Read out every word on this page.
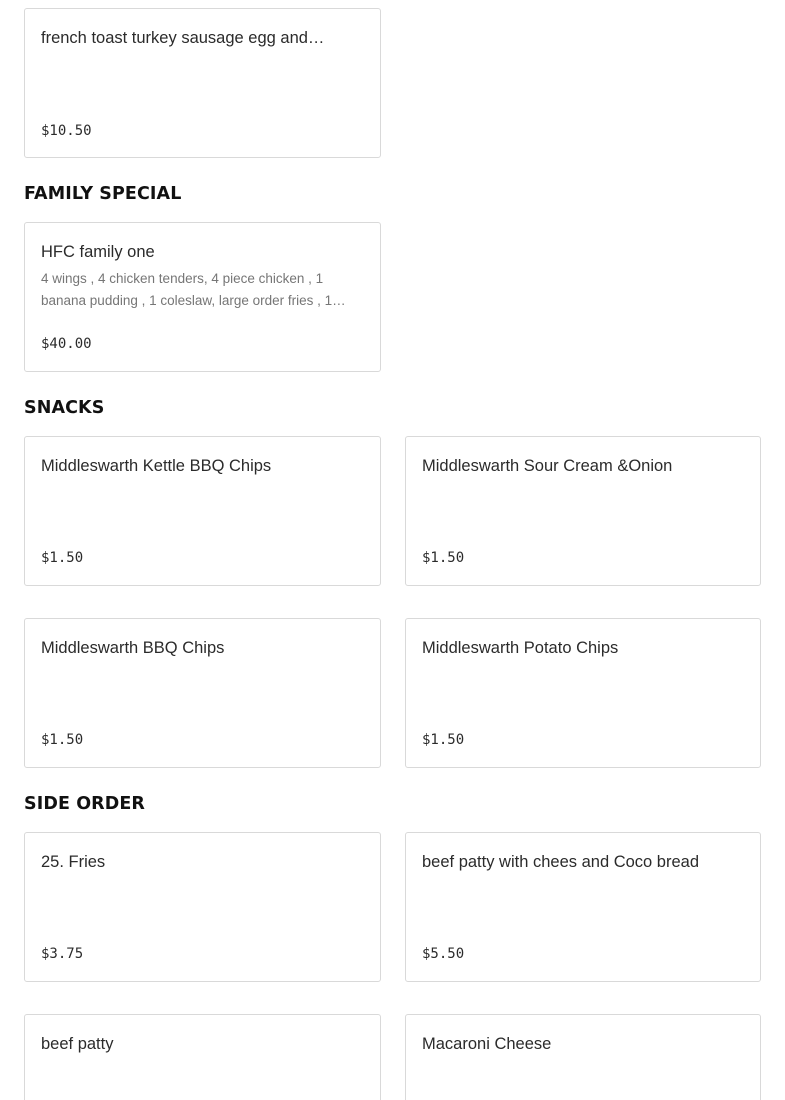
french toast turkey sausage egg and…
$10.50
FAMILY SPECIAL
HFC family one
4 wings , 4 chicken tenders, 4 piece chicken , 1 banana pudding , 1 coleslaw, large order fries , 1…
$40.00
SNACKS
Middleswarth Kettle BBQ Chips
$1.50
Middleswarth Sour Cream &Onion
$1.50
Middleswarth BBQ Chips
$1.50
Middleswarth Potato Chips
$1.50
SIDE ORDER
25. Fries
$3.75
beef patty with chees and Coco bread
$5.50
beef patty	Macaroni Cheese
